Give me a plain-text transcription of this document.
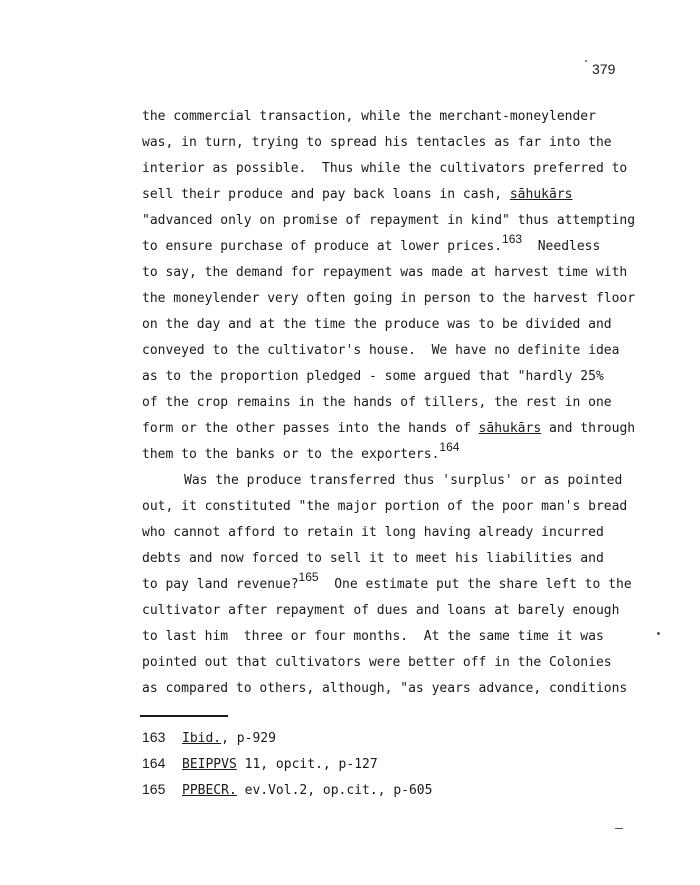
379
the commercial transaction, while the merchant-moneylender
was, in turn, trying to spread his tentacles as far into the
interior as possible.  Thus while the cultivators preferred to
sell their produce and pay back loans in cash, sāhukārs
"advanced only on promise of repayment in kind" thus attempting
to ensure purchase of produce at lower prices.$^{163}$  Needless
to say, the demand for repayment was made at harvest time with
the moneylender very often going in person to the harvest floor
on the day and at the time the produce was to be divided and
conveyed to the cultivator's house.  We have no definite idea
as to the proportion pledged - some argued that "hardly 25%
of the crop remains in the hands of tillers, the rest in one
form or the other passes into the hands of sāhukārs and through
them to the banks or to the exporters.$^{164}$
Was the produce transferred thus 'surplus' or as pointed
out, it constituted "the major portion of the poor man's bread
who cannot afford to retain it long having already incurred
debts and now forced to sell it to meet his liabilities and
to pay land revenue?$^{165}$  One estimate put the share left to the
cultivator after repayment of dues and loans at barely enough
to last him  three or four months.  At the same time it was
pointed out that cultivators were better off in the Colonies
as compared to others, although, "as years advance, conditions
163 Ibid., p-929
164 BEIPPVS 11, opcit., p-127
165 PPBECR. ev.Vol.2, op.cit., p-605
